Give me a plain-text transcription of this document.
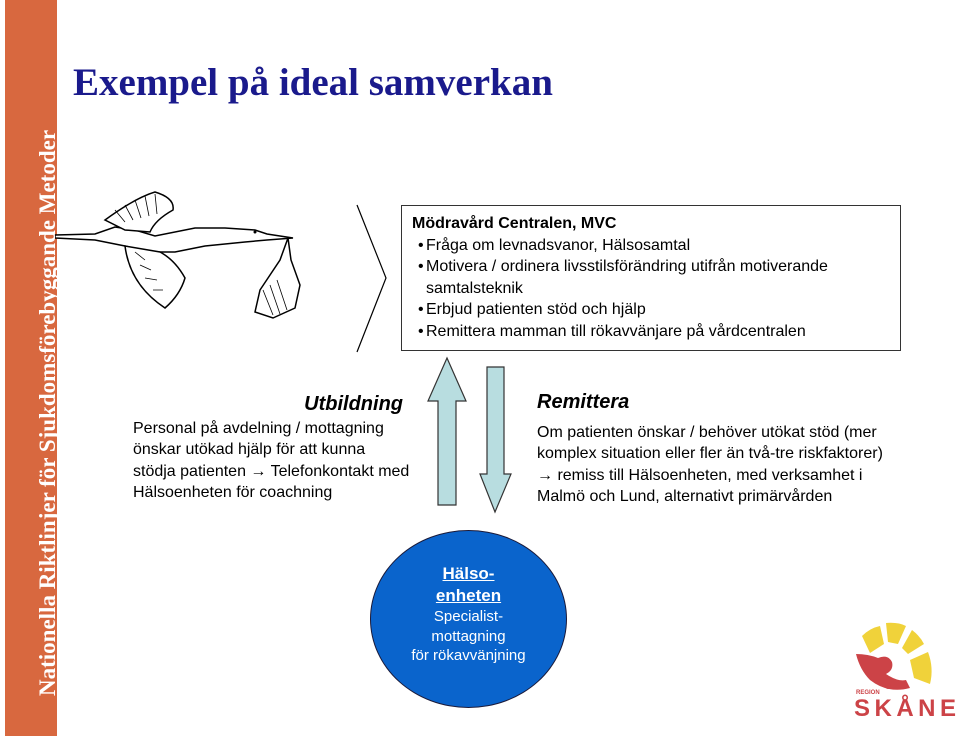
Nationella Riktlinjer för Sjukdomsförebyggande Metoder
Exempel på ideal samverkan
Mödravård Centralen, MVC
• Fråga om levnadsvanor, Hälsosamtal
• Motivera / ordinera livsstilsförändring utifrån motiverande samtalsteknik
• Erbjud patienten stöd och hjälp
• Remittera mamman till rökavvänjare på vårdcentralen
Utbildning
Personal på avdelning / mottagning
önskar utökad hjälp för att kunna
stödja patienten → Telefonkontakt med
Hälsoenheten för coachning
Remittera
Om patienten önskar / behöver utökat stöd (mer
komplex situation eller fler än två-tre riskfaktorer)
→ remiss till Hälsoenheten, med verksamhet i
Malmö och Lund, alternativt primärvården
Hälso-
enheten
Specialist-
mottagning
för rökavvänjning
REGION
SKÅNE
